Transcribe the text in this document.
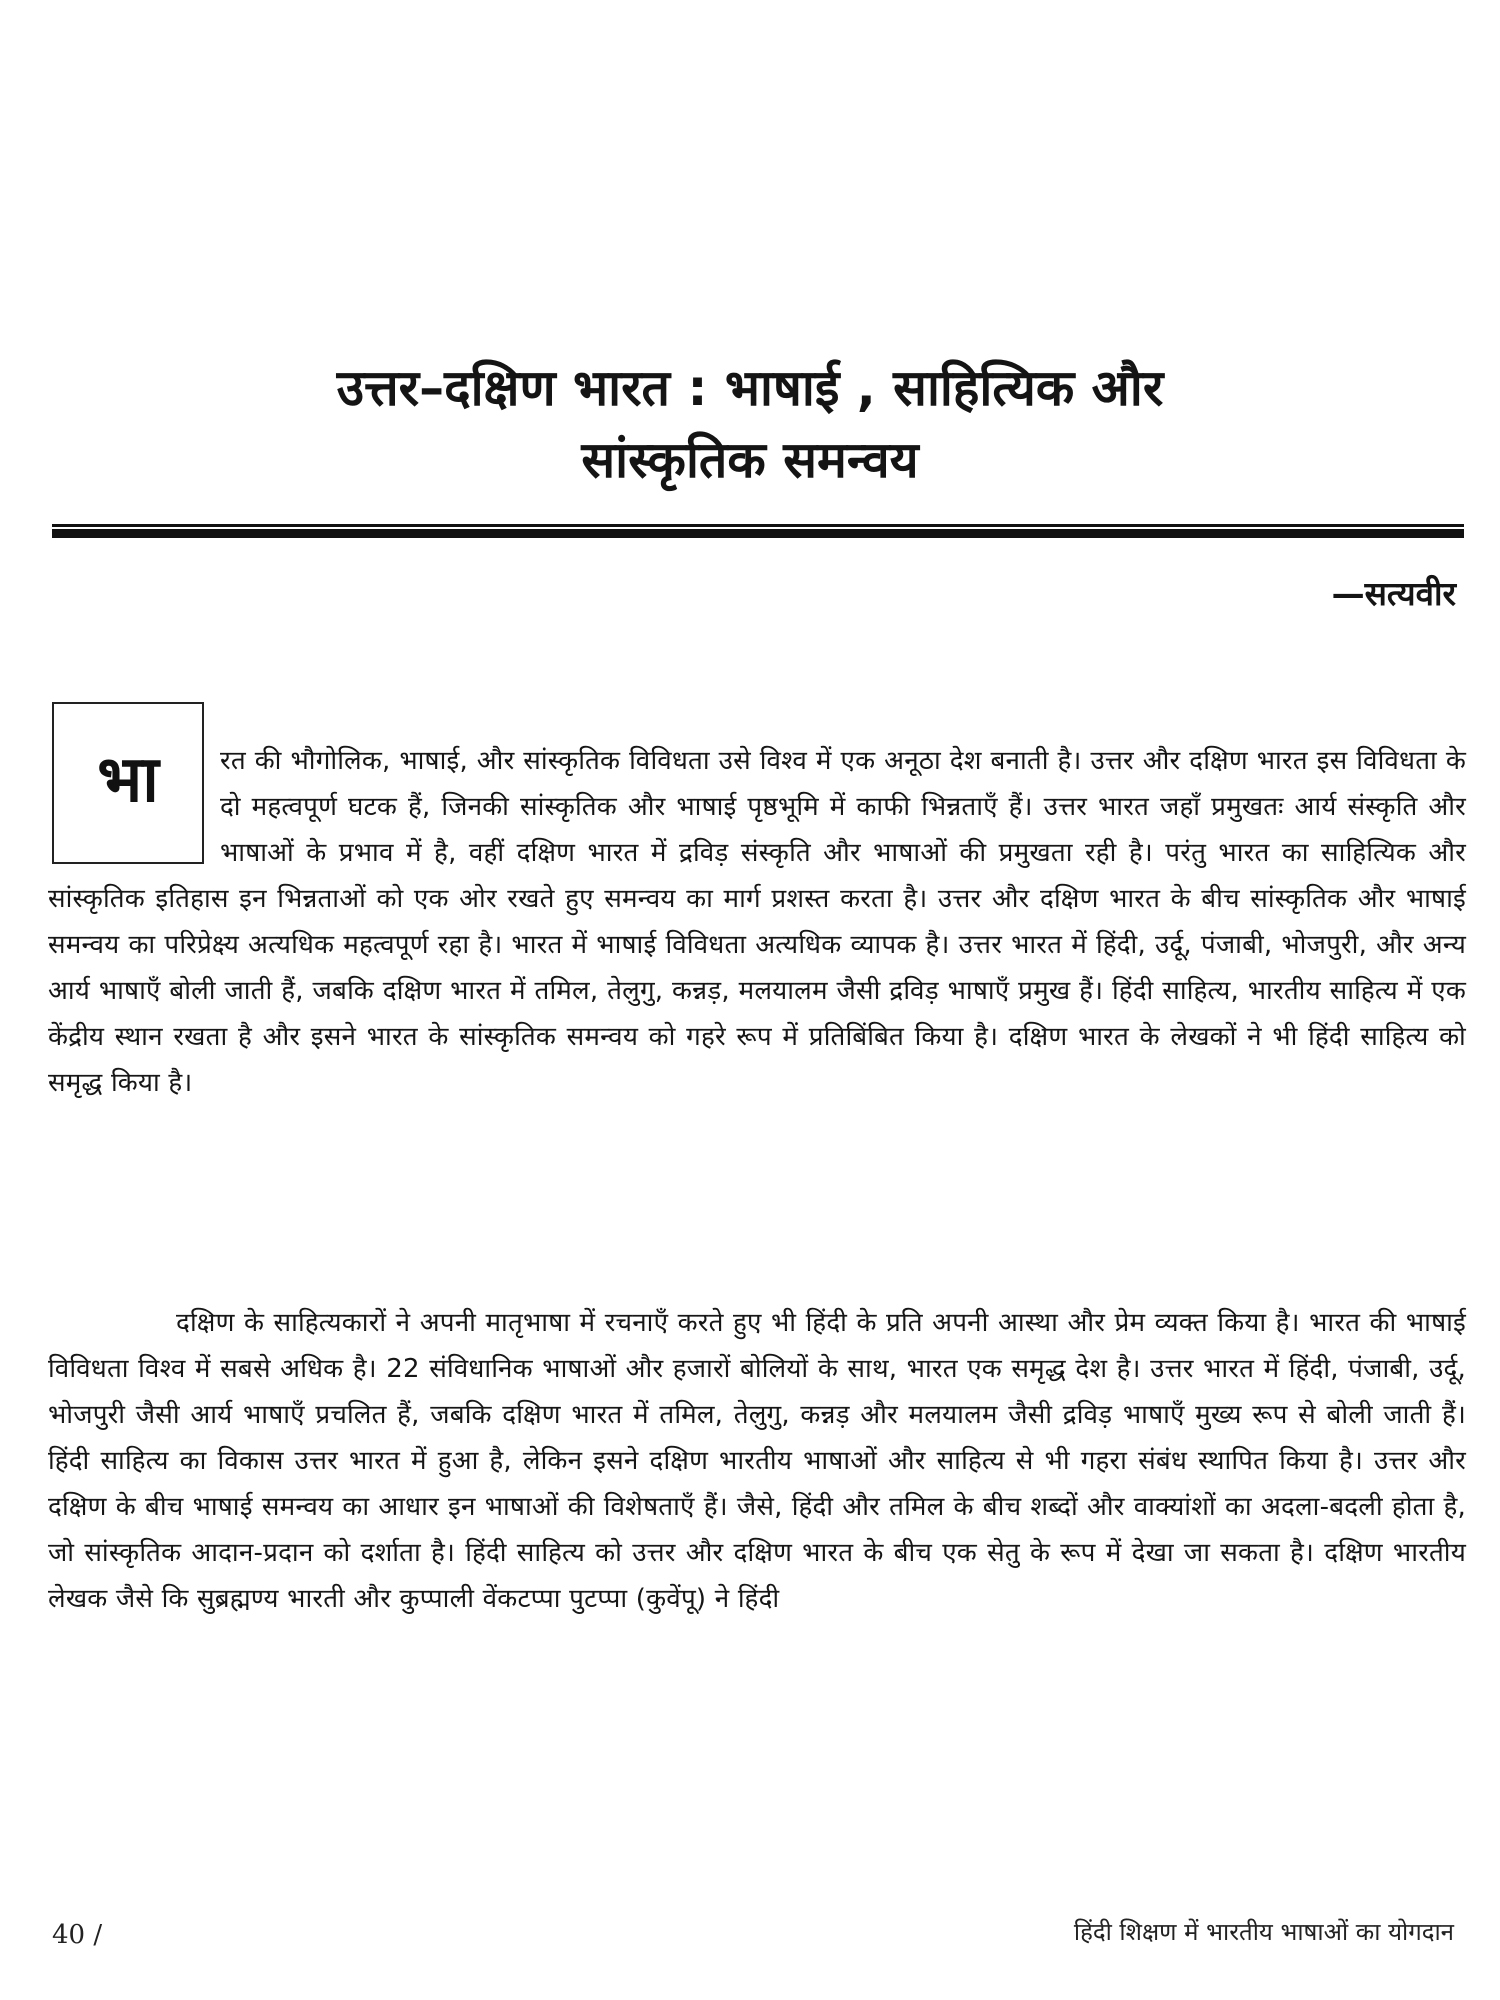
उत्तर–दक्षिण भारत : भाषाई , साहित्यिक और
सांस्कृतिक समन्वय
—सत्यवीर
भा	रत की भौगोलिक, भाषाई, और सांस्कृतिक विविधता उसे विश्व में एक अनूठा देश बनाती है। उत्तर और दक्षिण भारत इस विविधता के दो महत्वपूर्ण घटक हैं, जिनकी सांस्कृतिक और भाषाई पृष्ठभूमि में काफी भिन्नताएँ हैं। उत्तर भारत जहाँ प्रमुखतः आर्य संस्कृति और भाषाओं के प्रभाव में है, वहीं दक्षिण भारत में द्रविड़ संस्कृति और भाषाओं की प्रमुखता रही है। परंतु भारत का साहित्यिक और सांस्कृतिक इतिहास इन भिन्नताओं को एक ओर रखते हुए समन्वय का मार्ग प्रशस्त करता है। उत्तर और दक्षिण भारत के बीच सांस्कृतिक और भाषाई समन्वय का परिप्रेक्ष्य अत्यधिक महत्वपूर्ण रहा है। भारत में भाषाई विविधता अत्यधिक व्यापक है। उत्तर भारत में हिंदी, उर्दू, पंजाबी, भोजपुरी, और अन्य आर्य भाषाएँ बोली जाती हैं, जबकि दक्षिण भारत में तमिल, तेलुगु, कन्नड़, मलयालम जैसी द्रविड़ भाषाएँ प्रमुख हैं। हिंदी साहित्य, भारतीय साहित्य में एक केंद्रीय स्थान रखता है और इसने भारत के सांस्कृतिक समन्वय को गहरे रूप में प्रतिबिंबित किया है। दक्षिण भारत के लेखकों ने भी हिंदी साहित्य को समृद्ध किया है।

दक्षिण के साहित्यकारों ने अपनी मातृभाषा में रचनाएँ करते हुए भी हिंदी के प्रति अपनी आस्था और प्रेम व्यक्त किया है। भारत की भाषाई विविधता विश्व में सबसे अधिक है। 22 संविधानिक भाषाओं और हजारों बोलियों के साथ, भारत एक समृद्ध देश है। उत्तर भारत में हिंदी, पंजाबी, उर्दू, भोजपुरी जैसी आर्य भाषाएँ प्रचलित हैं, जबकि दक्षिण भारत में तमिल, तेलुगु, कन्नड़ और मलयालम जैसी द्रविड़ भाषाएँ मुख्य रूप से बोली जाती हैं। हिंदी साहित्य का विकास उत्तर भारत में हुआ है, लेकिन इसने दक्षिण भारतीय भाषाओं और साहित्य से भी गहरा संबंध स्थापित किया है। उत्तर और दक्षिण के बीच भाषाई समन्वय का आधार इन भाषाओं की विशेषताएँ हैं। जैसे, हिंदी और तमिल के बीच शब्दों और वाक्यांशों का अदला-बदली होता है, जो सांस्कृतिक आदान-प्रदान को दर्शाता है। हिंदी साहित्य को उत्तर और दक्षिण भारत के बीच एक सेतु के रूप में देखा जा सकता है। दक्षिण भारतीय लेखक जैसे कि सुब्रह्मण्य भारती और कुप्पाली वेंकटप्पा पुटप्पा (कुवेंपू) ने हिंदी

40 /	हिंदी शिक्षण में भारतीय भाषाओं का योगदान
